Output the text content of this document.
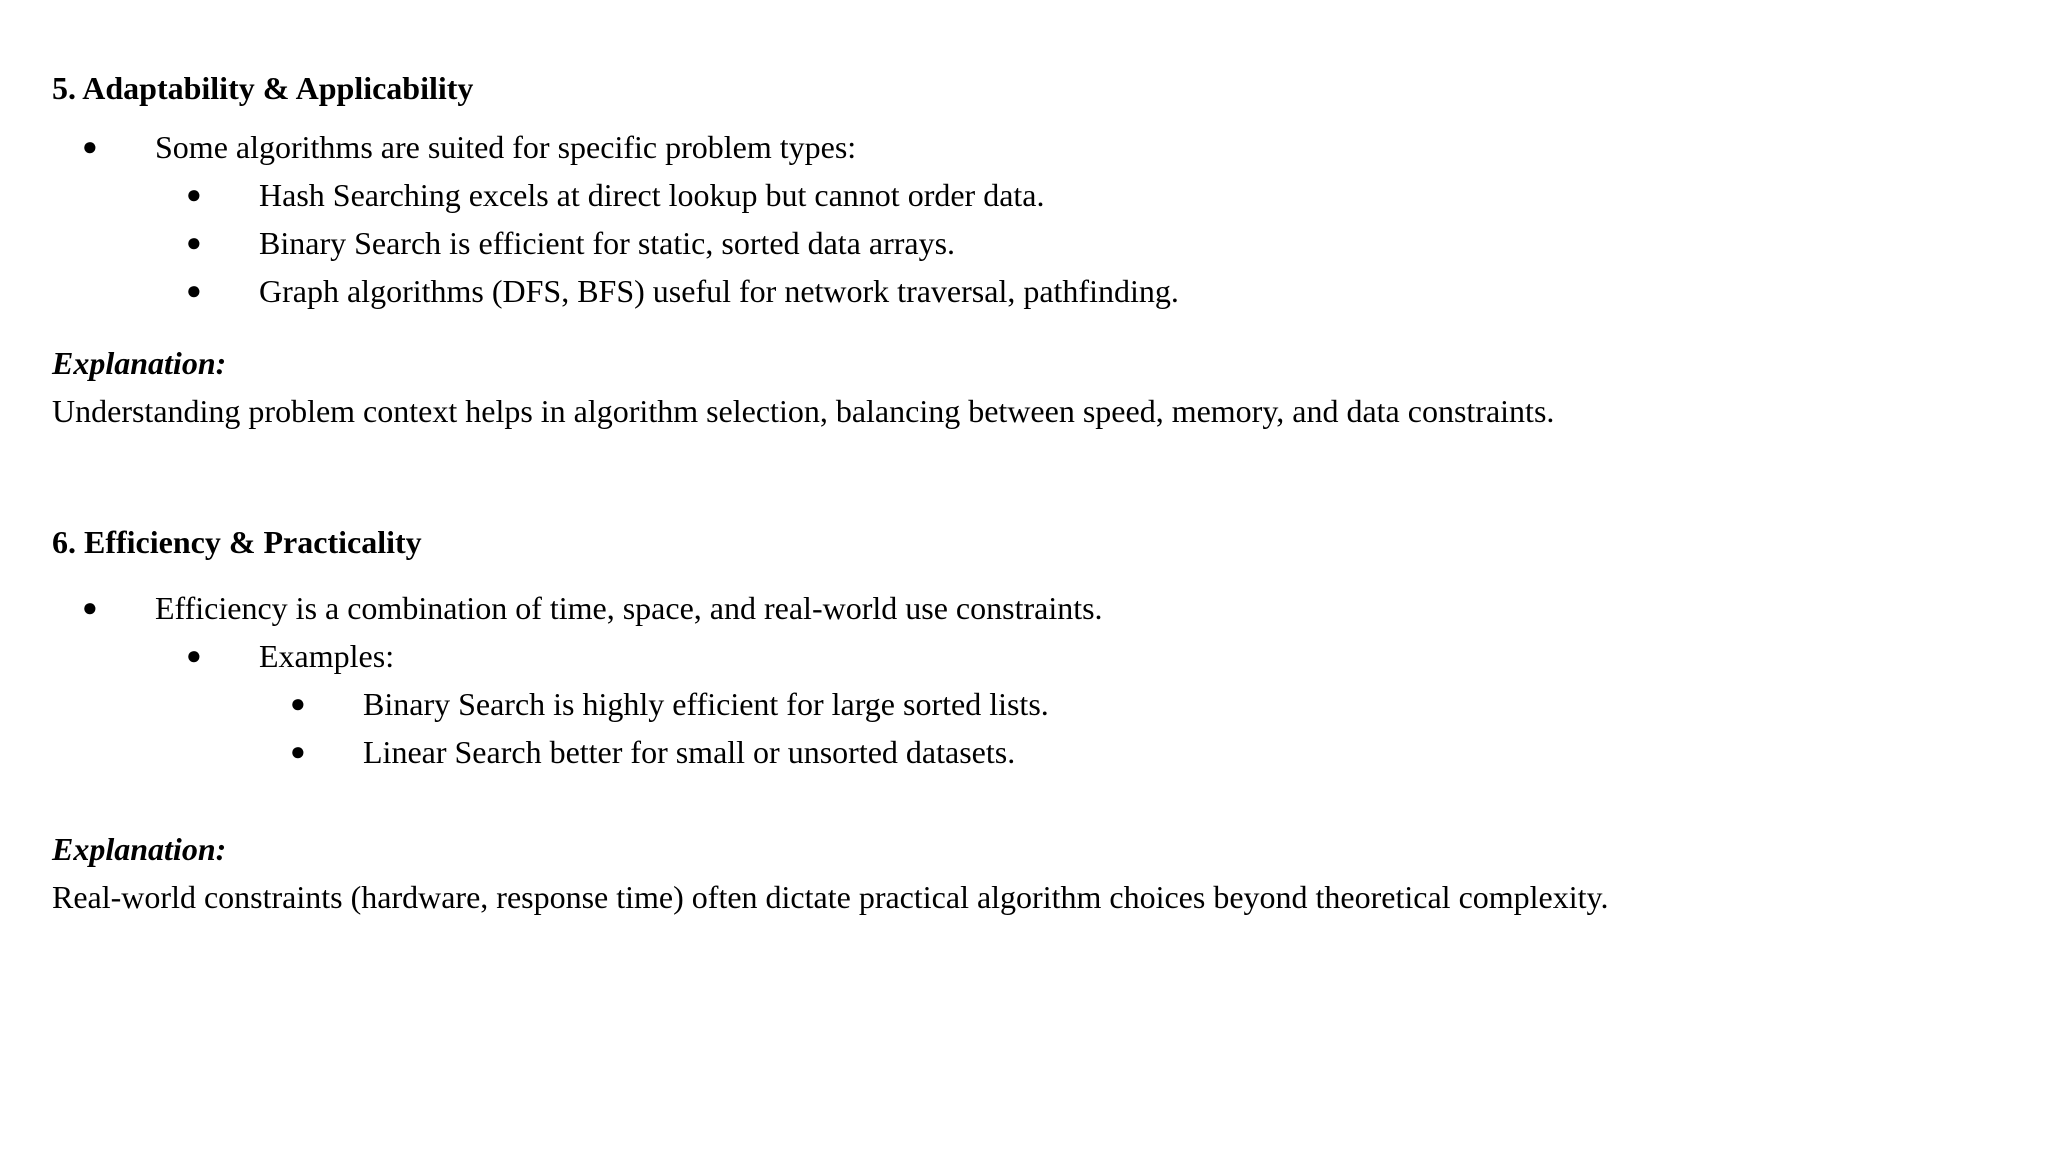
5. Adaptability & Applicability
● Some algorithms are suited for specific problem types:
● Hash Searching excels at direct lookup but cannot order data.
● Binary Search is efficient for static, sorted data arrays.
● Graph algorithms (DFS, BFS) useful for network traversal, pathfinding.
Explanation:
Understanding problem context helps in algorithm selection, balancing between speed, memory, and data constraints.
6. Efficiency & Practicality
● Efficiency is a combination of time, space, and real-world use constraints.
● Examples:
● Binary Search is highly efficient for large sorted lists.
● Linear Search better for small or unsorted datasets.
Explanation:
Real-world constraints (hardware, response time) often dictate practical algorithm choices beyond theoretical complexity.
